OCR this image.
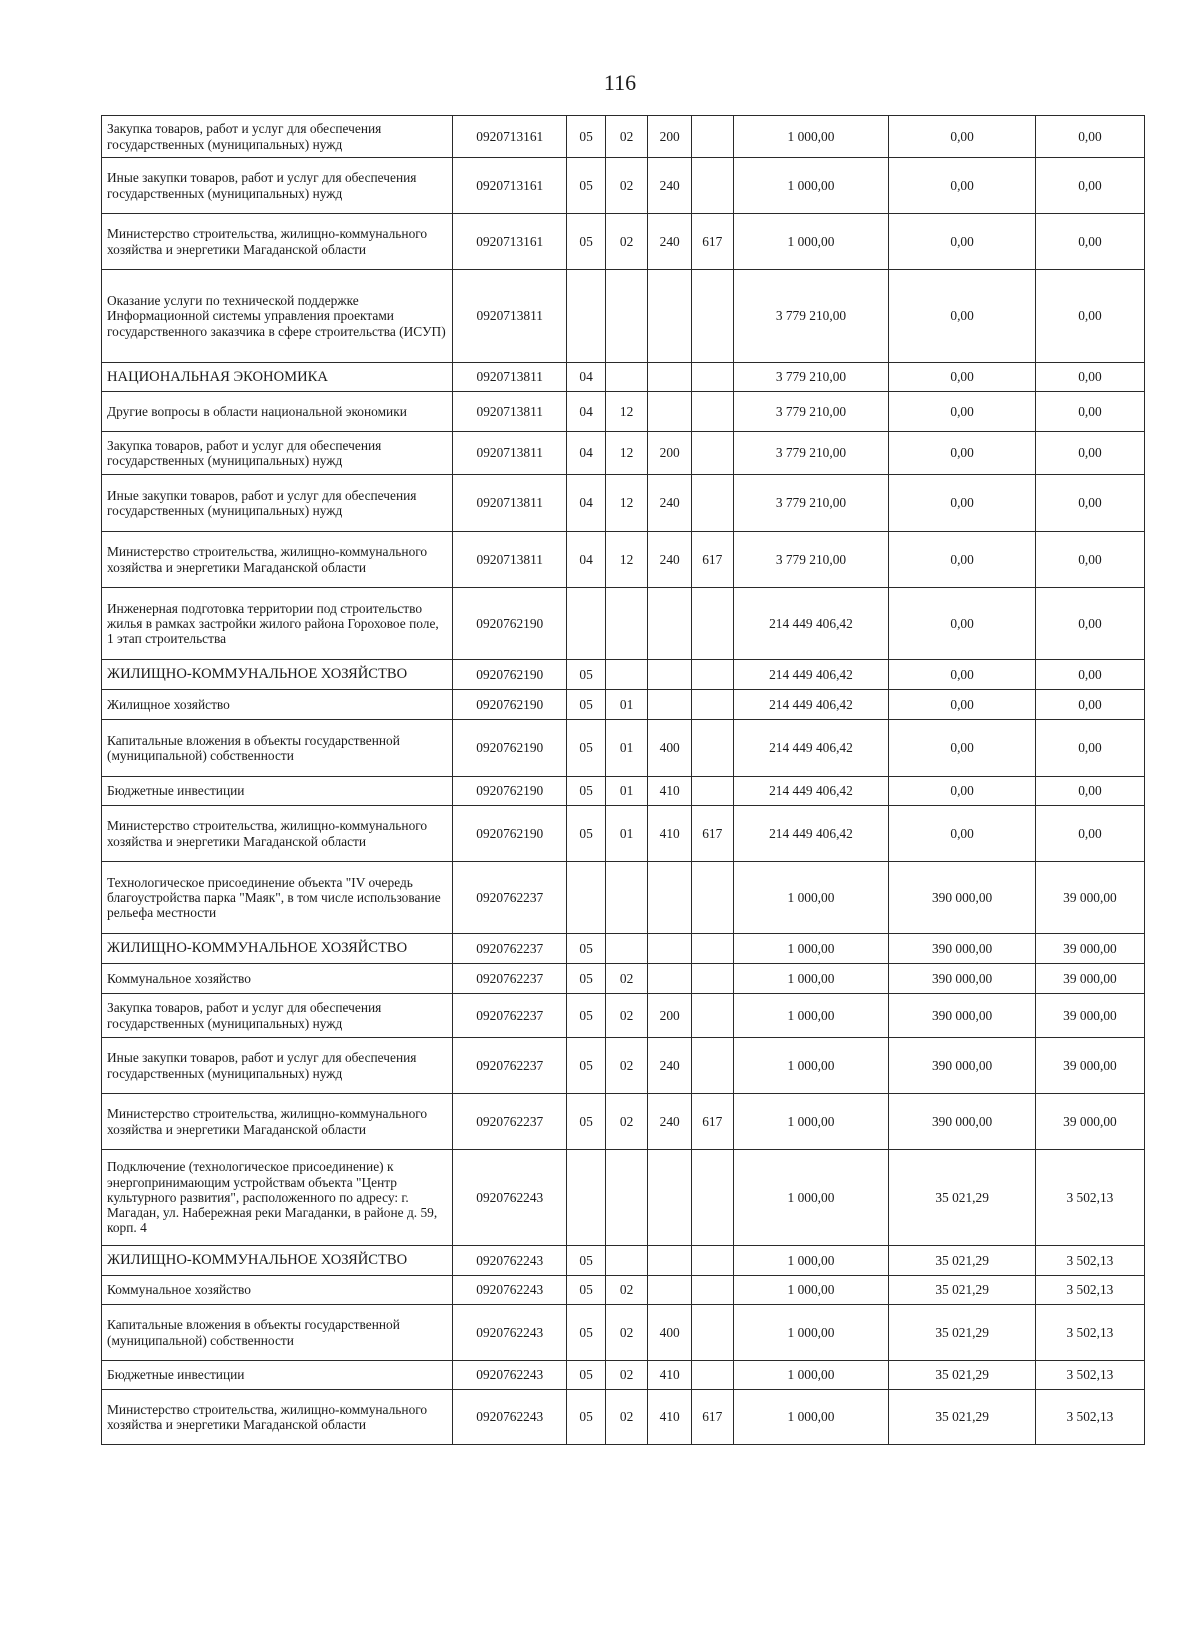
116
Закупка товаров, работ и услуг для обеспечения государственных (муниципальных) нужд	0920713161	05	02	200		1 000,00	0,00	0,00
Иные закупки товаров, работ и услуг для обеспечения государственных (муниципальных) нужд	0920713161	05	02	240		1 000,00	0,00	0,00
Министерство строительства, жилищно-коммунального хозяйства и энергетики Магаданской области	0920713161	05	02	240	617	1 000,00	0,00	0,00
Оказание услуги по технической поддержке Информационной системы управления проектами государственного заказчика в сфере строительства (ИСУП)	0920713811					3 779 210,00	0,00	0,00
НАЦИОНАЛЬНАЯ ЭКОНОМИКА	0920713811	04				3 779 210,00	0,00	0,00
Другие вопросы в области национальной экономики	0920713811	04	12			3 779 210,00	0,00	0,00
Закупка товаров, работ и услуг для обеспечения государственных (муниципальных) нужд	0920713811	04	12	200		3 779 210,00	0,00	0,00
Иные закупки товаров, работ и услуг для обеспечения государственных (муниципальных) нужд	0920713811	04	12	240		3 779 210,00	0,00	0,00
Министерство строительства, жилищно-коммунального хозяйства и энергетики Магаданской области	0920713811	04	12	240	617	3 779 210,00	0,00	0,00
Инженерная подготовка территории под строительство жилья в рамках застройки жилого района Гороховое поле, 1 этап строительства	0920762190					214 449 406,42	0,00	0,00
ЖИЛИЩНО-КОММУНАЛЬНОЕ ХОЗЯЙСТВО	0920762190	05				214 449 406,42	0,00	0,00
Жилищное хозяйство	0920762190	05	01			214 449 406,42	0,00	0,00
Капитальные вложения в объекты государственной (муниципальной) собственности	0920762190	05	01	400		214 449 406,42	0,00	0,00
Бюджетные инвестиции	0920762190	05	01	410		214 449 406,42	0,00	0,00
Министерство строительства, жилищно-коммунального хозяйства и энергетики Магаданской области	0920762190	05	01	410	617	214 449 406,42	0,00	0,00
Технологическое присоединение объекта "IV очередь благоустройства парка "Маяк", в том числе использование рельефа местности	0920762237					1 000,00	390 000,00	39 000,00
ЖИЛИЩНО-КОММУНАЛЬНОЕ ХОЗЯЙСТВО	0920762237	05				1 000,00	390 000,00	39 000,00
Коммунальное хозяйство	0920762237	05	02			1 000,00	390 000,00	39 000,00
Закупка товаров, работ и услуг для обеспечения государственных (муниципальных) нужд	0920762237	05	02	200		1 000,00	390 000,00	39 000,00
Иные закупки товаров, работ и услуг для обеспечения государственных (муниципальных) нужд	0920762237	05	02	240		1 000,00	390 000,00	39 000,00
Министерство строительства, жилищно-коммунального хозяйства и энергетики Магаданской области	0920762237	05	02	240	617	1 000,00	390 000,00	39 000,00
Подключение (технологическое присоединение) к энергопринимающим устройствам объекта "Центр культурного развития", расположенного по адресу: г. Магадан, ул. Набережная реки Магаданки, в районе д. 59, корп. 4	0920762243					1 000,00	35 021,29	3 502,13
ЖИЛИЩНО-КОММУНАЛЬНОЕ ХОЗЯЙСТВО	0920762243	05				1 000,00	35 021,29	3 502,13
Коммунальное хозяйство	0920762243	05	02			1 000,00	35 021,29	3 502,13
Капитальные вложения в объекты государственной (муниципальной) собственности	0920762243	05	02	400		1 000,00	35 021,29	3 502,13
Бюджетные инвестиции	0920762243	05	02	410		1 000,00	35 021,29	3 502,13
Министерство строительства, жилищно-коммунального хозяйства и энергетики Магаданской области	0920762243	05	02	410	617	1 000,00	35 021,29	3 502,13
